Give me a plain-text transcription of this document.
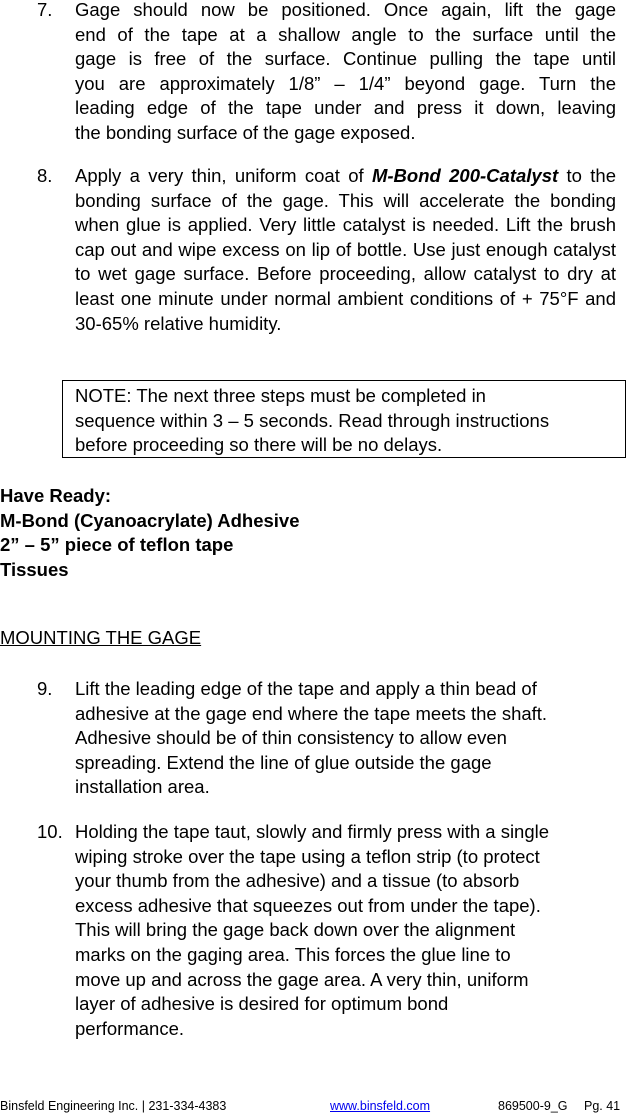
7. Gage should now be positioned. Once again, lift the gage
end of the tape at a shallow angle to the surface until the
gage is free of the surface. Continue pulling the tape until
you are approximately 1/8” – 1/4” beyond gage. Turn the
leading edge of the tape under and press it down, leaving
the bonding surface of the gage exposed.
8. Apply a very thin, uniform coat of M-Bond 200-Catalyst to the bonding surface of the gage. This will accelerate the bonding when glue is applied. Very little catalyst is needed. Lift the brush cap out and wipe excess on lip of bottle. Use just enough catalyst to wet gage surface. Before proceeding, allow catalyst to dry at least one minute under normal ambient conditions of + 75°F and 30-65% relative humidity.
NOTE: The next three steps must be completed in
sequence within 3 – 5 seconds. Read through instructions
before proceeding so there will be no delays.
Have Ready:
M-Bond (Cyanoacrylate) Adhesive
2” – 5” piece of teflon tape
Tissues
MOUNTING THE GAGE
9. Lift the leading edge of the tape and apply a thin bead of
adhesive at the gage end where the tape meets the shaft.
Adhesive should be of thin consistency to allow even
spreading. Extend the line of glue outside the gage
installation area.
10. Holding the tape taut, slowly and firmly press with a single
wiping stroke over the tape using a teflon strip (to protect
your thumb from the adhesive) and a tissue (to absorb
excess adhesive that squeezes out from under the tape).
This will bring the gage back down over the alignment
marks on the gaging area. This forces the glue line to
move up and across the gage area. A very thin, uniform
layer of adhesive is desired for optimum bond
performance.
Binsfeld Engineering Inc. | 231-334-4383	www.binsfeld.com	869500-9_G Pg. 41
